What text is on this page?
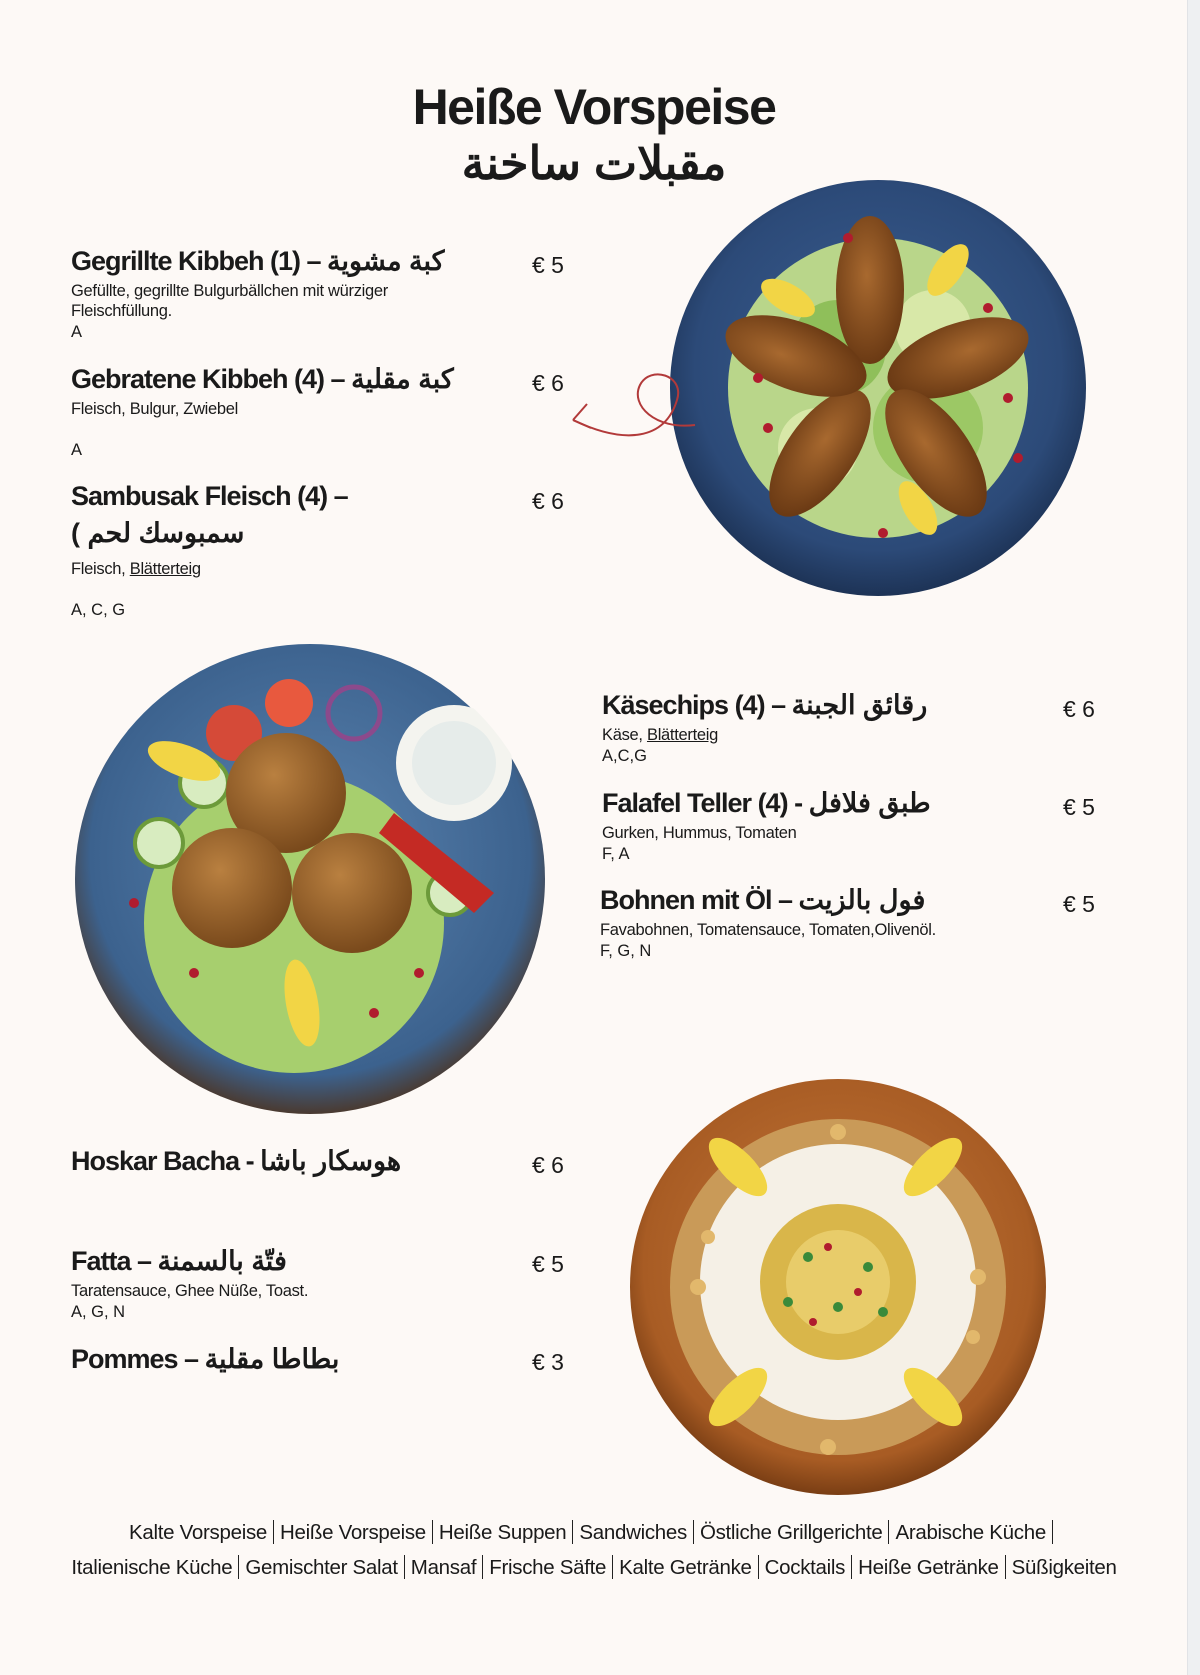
Heiße Vorspeise
مقبلات ساخنة
Gegrillte Kibbeh (1) – كبة مشوية
Gefüllte, gegrillte Bulgurbällchen mit würziger Fleischfüllung.
A
€ 5
Gebratene Kibbeh (4) – كبة مقلية
Fleisch, Bulgur, Zwiebel
A
€ 6
Sambusak Fleisch (4) –
( سمبوسك لحم
Fleisch, Blätterteig
A, C, G
€ 6
Käsechips (4) – رقائق الجبنة
Käse, Blätterteig
A,C,G
€ 6
Falafel Teller (4) - طبق فلافل
Gurken, Hummus, Tomaten
F, A
€ 5
Bohnen mit Öl – فول بالزيت
Favabohnen, Tomatensauce, Tomaten,Olivenöl.
F, G, N
€ 5
Hoskar Bacha - هوسكار باشا	€ 6
Fatta – فتّة بالسمنة
Taratensauce, Ghee Nüße, Toast.
A, G, N
€ 5
Pommes – بطاطا مقلية	€ 3
Kalte Vorspeise Heiße Vorspeise Heiße Suppen Sandwiches Östliche Grillgerichte Arabische Küche
Italienische Küche Gemischter Salat Mansaf Frische Säfte Kalte Getränke Cocktails Heiße Getränke Süßigkeiten
